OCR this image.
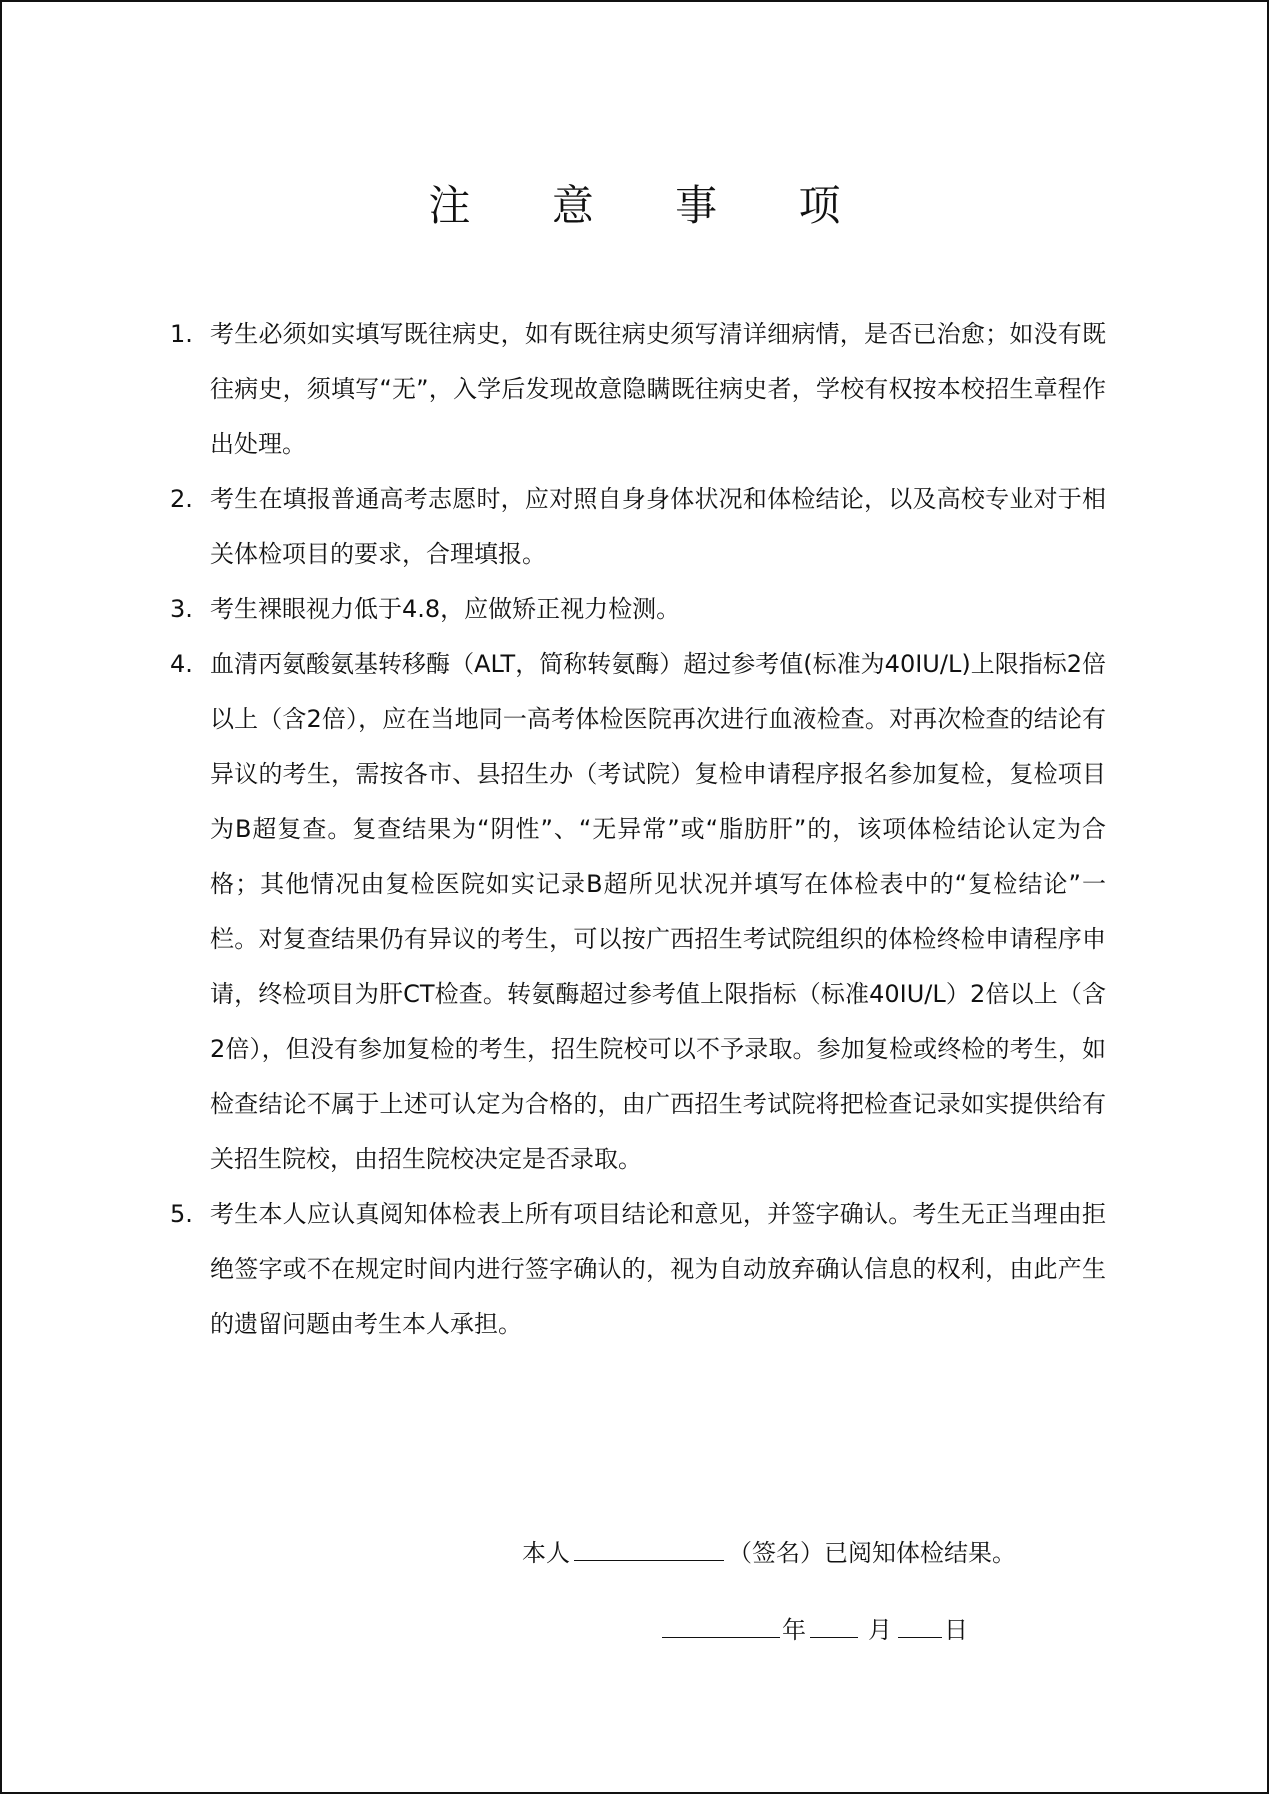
注 意 事 项
1. 考生必须如实填写既往病史，如有既往病史须写清详细病情，是否已治愈；如没有既往病史，须填写“无”，入学后发现故意隐瞒既往病史者，学校有权按本校招生章程作出处理。
2. 考生在填报普通高考志愿时，应对照自身身体状况和体检结论，以及高校专业对于相关体检项目的要求，合理填报。
3. 考生裸眼视力低于4.8，应做矫正视力检测。
4. 血清丙氨酸氨基转移酶（ALT，简称转氨酶）超过参考值(标准为40IU/L)上限指标2倍以上（含2倍），应在当地同一高考体检医院再次进行血液检查。对再次检查的结论有异议的考生，需按各市、县招生办（考试院）复检申请程序报名参加复检，复检项目为B超复查。复查结果为“阴性”、“无异常”或“脂肪肝”的，该项体检结论认定为合格；其他情况由复检医院如实记录B超所见状况并填写在体检表中的“复检结论”一栏。对复查结果仍有异议的考生，可以按广西招生考试院组织的体检终检申请程序申请，终检项目为肝CT检查。转氨酶超过参考值上限指标（标准40IU/L）2倍以上（含2倍），但没有参加复检的考生，招生院校可以不予录取。参加复检或终检的考生，如检查结论不属于上述可认定为合格的，由广西招生考试院将把检查记录如实提供给有关招生院校，由招生院校决定是否录取。
5. 考生本人应认真阅知体检表上所有项目结论和意见，并签字确认。考生无正当理由拒绝签字或不在规定时间内进行签字确认的，视为自动放弃确认信息的权利，由此产生的遗留问题由考生本人承担。
本人	（签名）已阅知体检结果。
年	月 日
